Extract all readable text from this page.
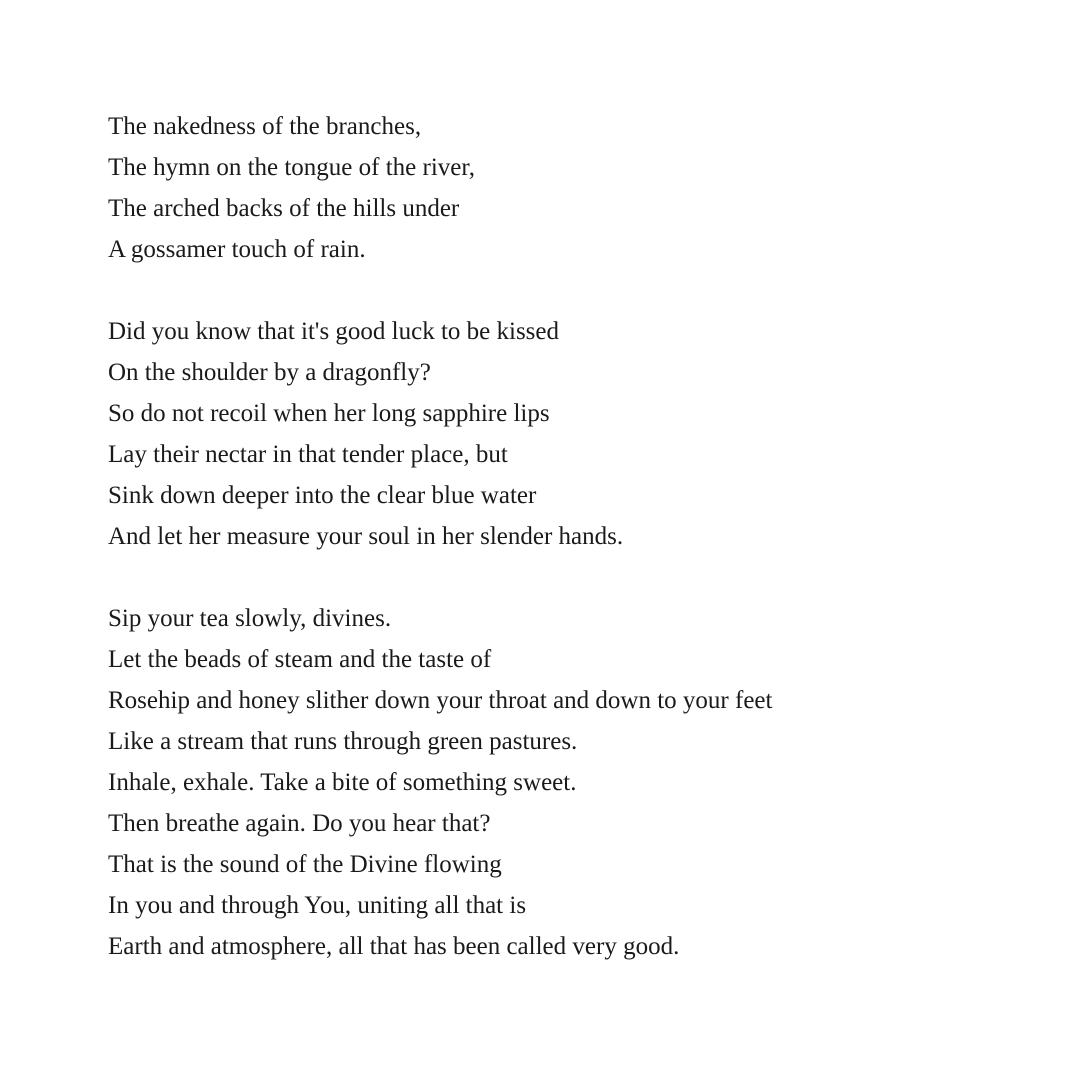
The nakedness of the branches,
The hymn on the tongue of the river,
The arched backs of the hills under
A gossamer touch of rain.
Did you know that it's good luck to be kissed
On the shoulder by a dragonfly?
So do not recoil when her long sapphire lips
Lay their nectar in that tender place, but
Sink down deeper into the clear blue water
And let her measure your soul in her slender hands.
Sip your tea slowly, divines.
Let the beads of steam and the taste of
Rosehip and honey slither down your throat and down to your feet
Like a stream that runs through green pastures.
Inhale, exhale. Take a bite of something sweet.
Then breathe again. Do you hear that?
That is the sound of the Divine flowing
In you and through You, uniting all that is
Earth and atmosphere, all that has been called very good.
